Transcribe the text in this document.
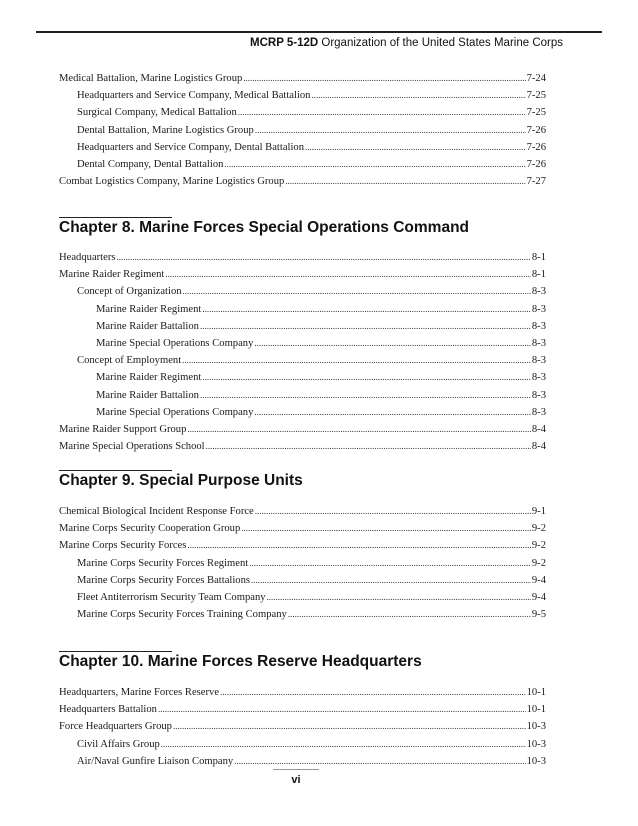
MCRP 5-12D Organization of the United States Marine Corps
Medical Battalion, Marine Logistics Group .....	7-24
Headquarters and Service Company, Medical Battalion .....	7-25
Surgical Company, Medical Battalion .....	7-25
Dental Battalion, Marine Logistics Group .....	7-26
Headquarters and Service Company, Dental Battalion .....	7-26
Dental Company, Dental Battalion .....	7-26
Combat Logistics Company, Marine Logistics Group .....	7-27
Chapter 8. Marine Forces Special Operations Command
Headquarters .....	8-1
Marine Raider Regiment .....	8-1
Concept of Organization .....	8-3
Marine Raider Regiment .....	8-3
Marine Raider Battalion .....	8-3
Marine Special Operations Company .....	8-3
Concept of Employment .....	8-3
Marine Raider Regiment .....	8-3
Marine Raider Battalion .....	8-3
Marine Special Operations Company .....	8-3
Marine Raider Support Group .....	8-4
Marine Special Operations School .....	8-4
Chapter 9. Special Purpose Units
Chemical Biological Incident Response Force .....	9-1
Marine Corps Security Cooperation Group .....	9-2
Marine Corps Security Forces .....	9-2
Marine Corps Security Forces Regiment .....	9-2
Marine Corps Security Forces Battalions .....	9-4
Fleet Antiterrorism Security Team Company .....	9-4
Marine Corps Security Forces Training Company .....	9-5
Chapter 10. Marine Forces Reserve Headquarters
Headquarters, Marine Forces Reserve .....	10-1
Headquarters Battalion .....	10-1
Force Headquarters Group .....	10-3
Civil Affairs Group .....	10-3
Air/Naval Gunfire Liaison Company .....	10-3
vi
